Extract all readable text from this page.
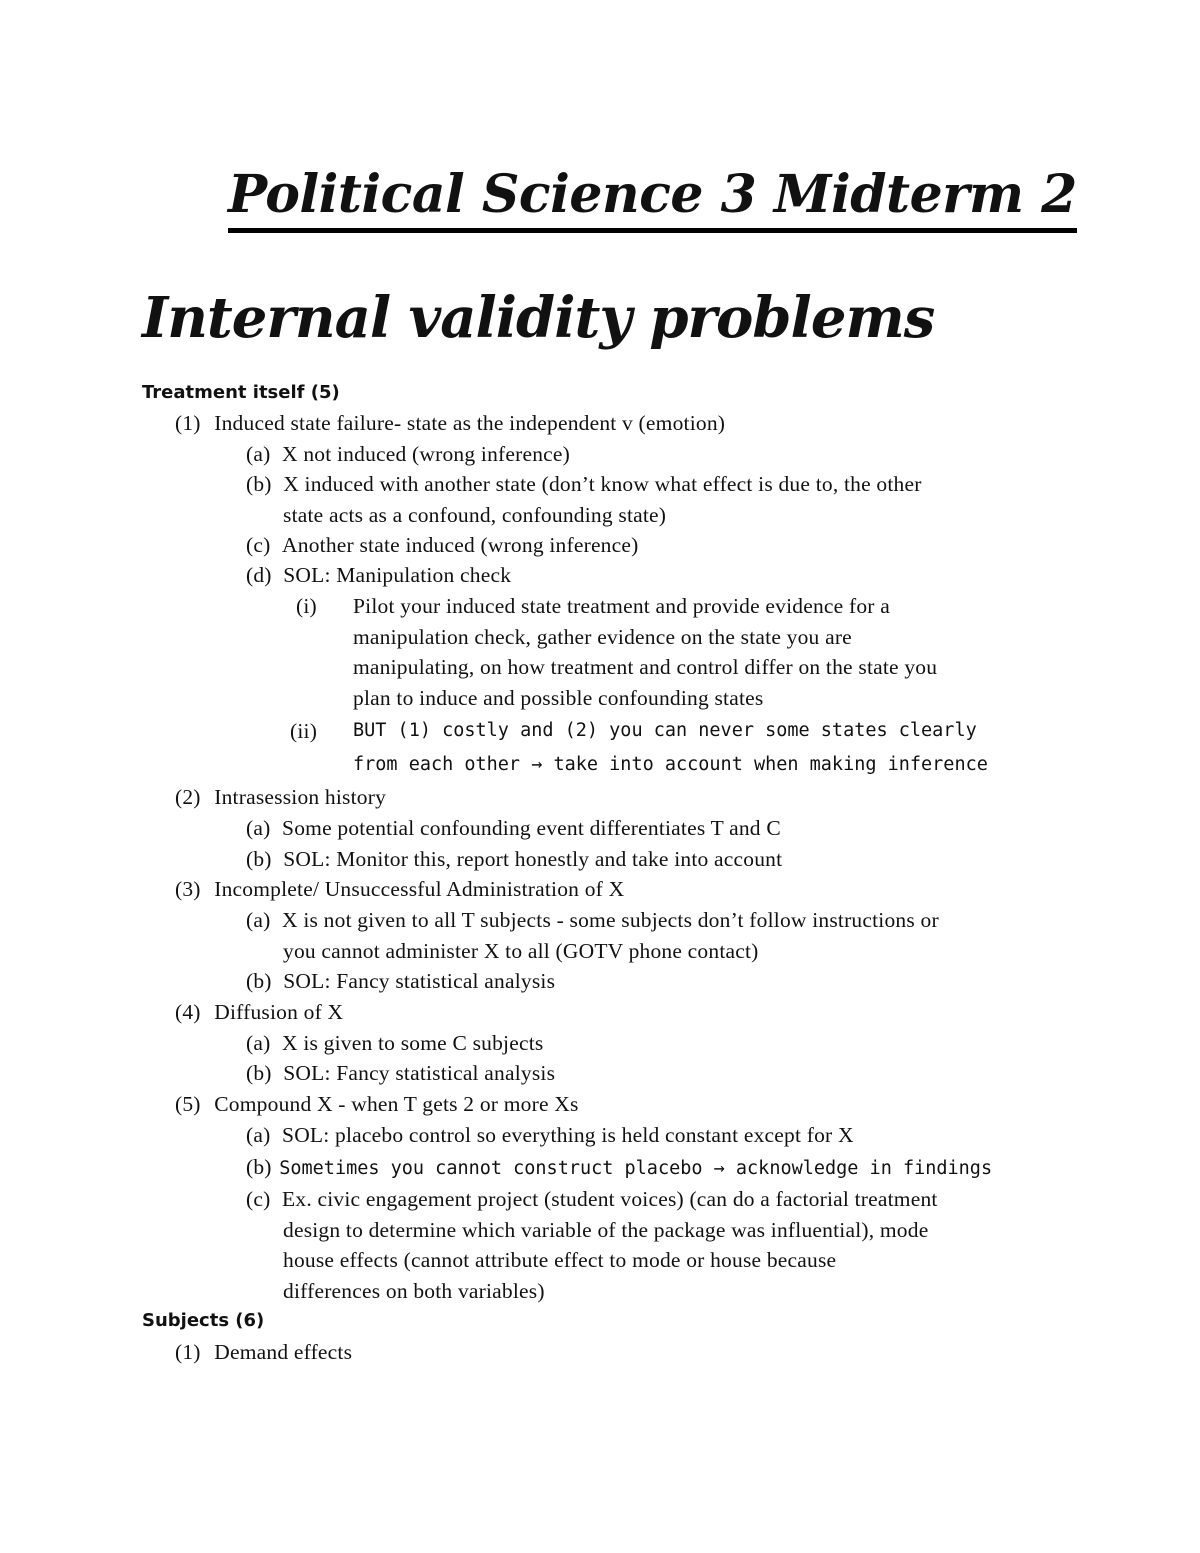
Political Science 3 Midterm 2
Internal validity problems
Treatment itself (5)
(1) Induced state failure- state as the independent v (emotion)
(a) X not induced (wrong inference)
(b) X induced with another state (don’t know what effect is due to, the other
state acts as a confound, confounding state)
(c) Another state induced (wrong inference)
(d) SOL: Manipulation check
(i) Pilot your induced state treatment and provide evidence for a
manipulation check, gather evidence on the state you are
manipulating, on how treatment and control differ on the state you
plan to induce and possible confounding states
(ii) BUT (1) costly and (2) you can never some states clearly
from each other → take into account when making inference
(2) Intrasession history
(a) Some potential confounding event differentiates T and C
(b) SOL: Monitor this, report honestly and take into account
(3) Incomplete/ Unsuccessful Administration of X
(a) X is not given to all T subjects - some subjects don’t follow instructions or
you cannot administer X to all (GOTV phone contact)
(b) SOL: Fancy statistical analysis
(4) Diffusion of X
(a) X is given to some C subjects
(b) SOL: Fancy statistical analysis
(5) Compound X - when T gets 2 or more Xs
(a) SOL: placebo control so everything is held constant except for X
(b) Sometimes you cannot construct placebo → acknowledge in findings
(c) Ex. civic engagement project (student voices) (can do a factorial treatment
design to determine which variable of the package was influential), mode
house effects (cannot attribute effect to mode or house because
differences on both variables)
Subjects (6)
(1) Demand effects
